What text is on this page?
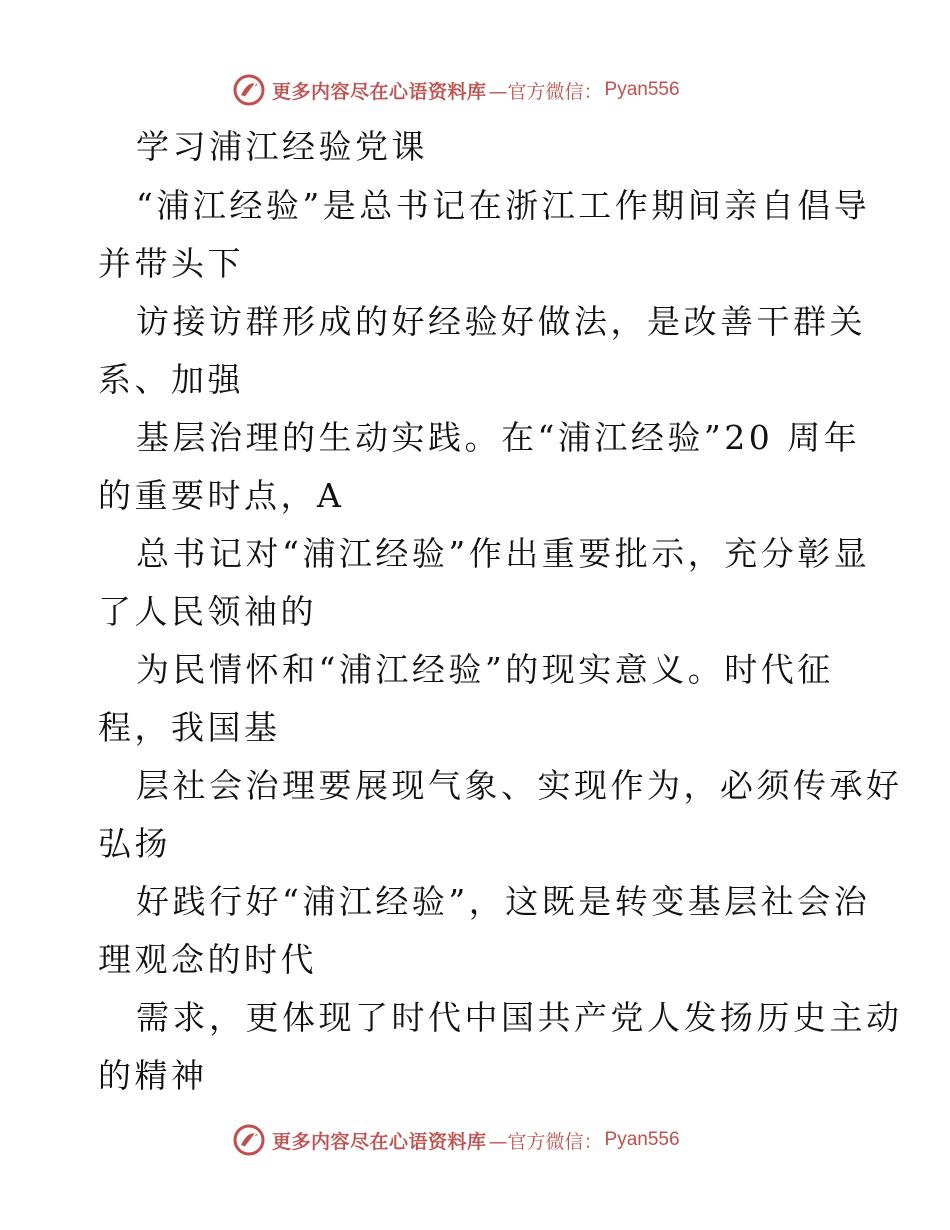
更多内容尽在心语资料库 —官方微信： Pyan556
学习浦江经验党课
“浦江经验”是总书记在浙江工作期间亲自倡导
并带头下
访接访群形成的好经验好做法，是改善干群关
系、加强
基层治理的生动实践。在“浦江经验”20 周年
的重要时点，A
总书记对“浦江经验”作出重要批示，充分彰显
了人民领袖的
为民情怀和“浦江经验”的现实意义。时代征
程，我国基
层社会治理要展现气象、实现作为，必须传承好
弘扬
好践行好“浦江经验”，这既是转变基层社会治
理观念的时代
需求，更体现了时代中国共产党人发扬历史主动
的精神
更多内容尽在心语资料库 —官方微信： Pyan556
